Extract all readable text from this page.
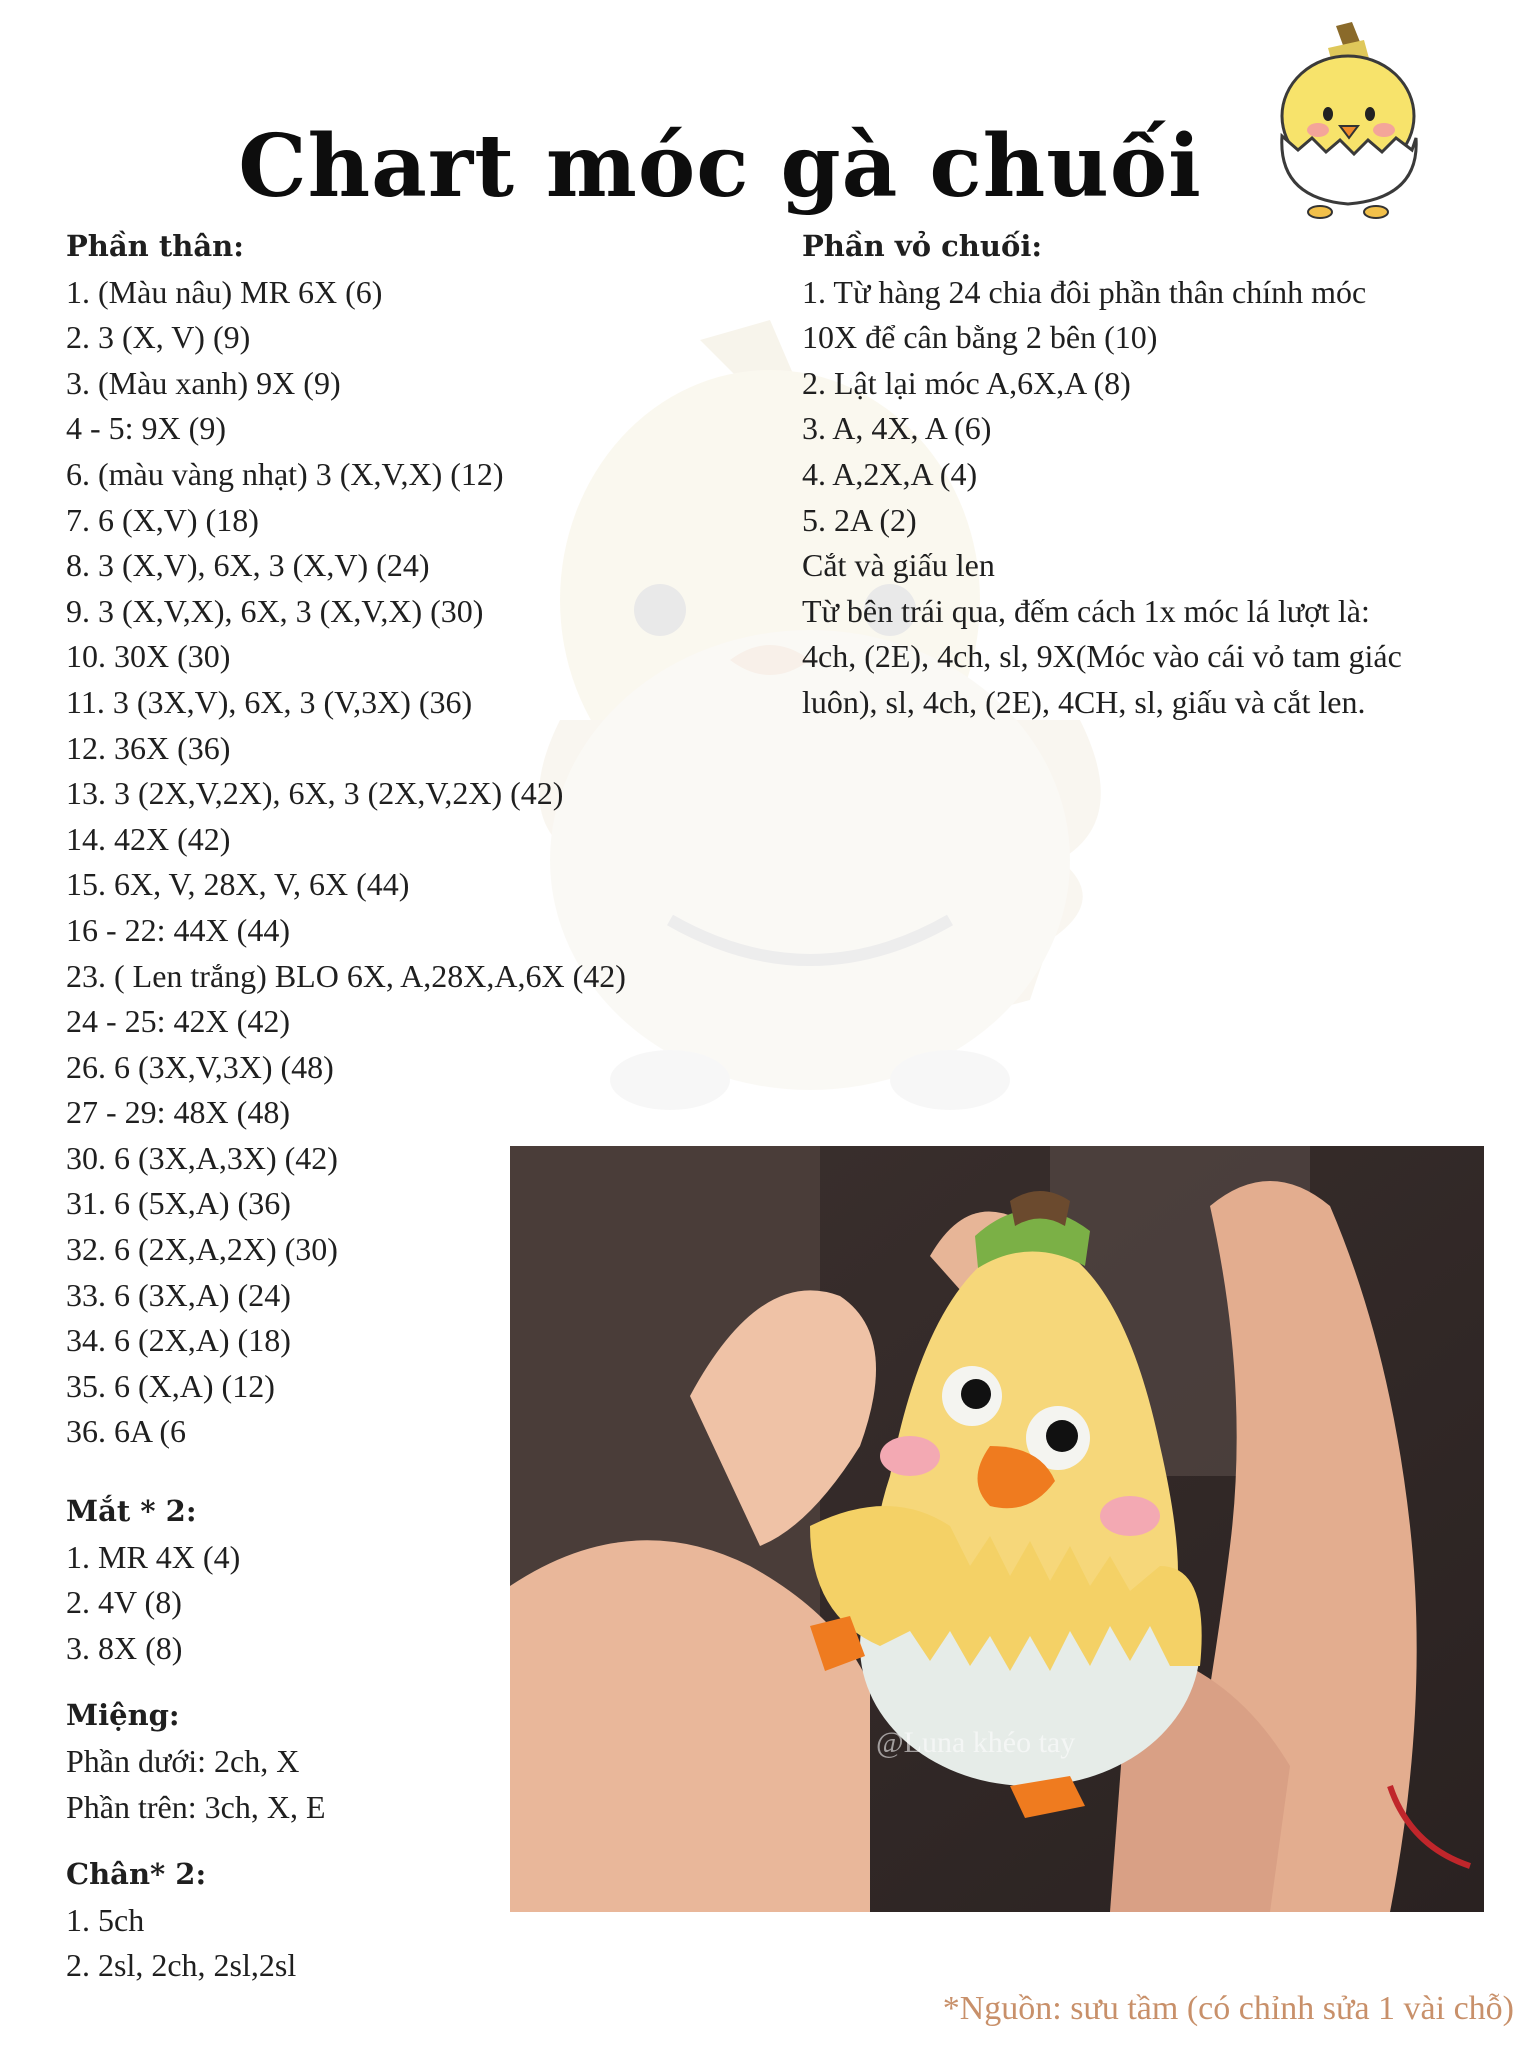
Chart móc gà chuối
Phần thân:
1. (Màu nâu) MR 6X (6)
2. 3 (X, V) (9)
3. (Màu xanh) 9X (9)
4 - 5: 9X (9)
6. (màu vàng nhạt) 3 (X,V,X) (12)
7. 6 (X,V) (18)
8. 3 (X,V), 6X, 3 (X,V) (24)
9. 3 (X,V,X), 6X, 3 (X,V,X) (30)
10. 30X (30)
11. 3 (3X,V), 6X, 3 (V,3X) (36)
12. 36X (36)
13. 3 (2X,V,2X), 6X, 3 (2X,V,2X) (42)
14. 42X (42)
15. 6X, V, 28X, V, 6X (44)
16 - 22: 44X (44)
23. ( Len trắng) BLO 6X, A,28X,A,6X (42)
24 - 25: 42X (42)
26. 6 (3X,V,3X) (48)
27 - 29: 48X (48)
30. 6 (3X,A,3X) (42)
31. 6 (5X,A) (36)
32. 6 (2X,A,2X) (30)
33. 6 (3X,A) (24)
34. 6 (2X,A) (18)
35. 6 (X,A) (12)
36. 6A (6
Mắt * 2:
1. MR 4X (4)
2. 4V (8)
3. 8X (8)
Miệng:
Phần dưới: 2ch, X
Phần trên: 3ch, X, E
Chân* 2:
1. 5ch
2. 2sl, 2ch, 2sl,2sl
Phần vỏ chuối:
1. Từ hàng 24 chia đôi phần thân chính móc
10X để cân bằng 2 bên (10)
2. Lật lại móc A,6X,A (8)
3. A, 4X, A (6)
4. A,2X,A (4)
5. 2A (2)
Cắt và giấu len
Từ bên trái qua, đếm cách 1x móc lá lượt là:
4ch, (2E), 4ch, sl, 9X(Móc vào cái vỏ tam giác
luôn), sl, 4ch, (2E), 4CH, sl, giấu và cắt len.
@Luna khéo tay
*Nguồn: sưu tầm (có chỉnh sửa 1 vài chỗ)
